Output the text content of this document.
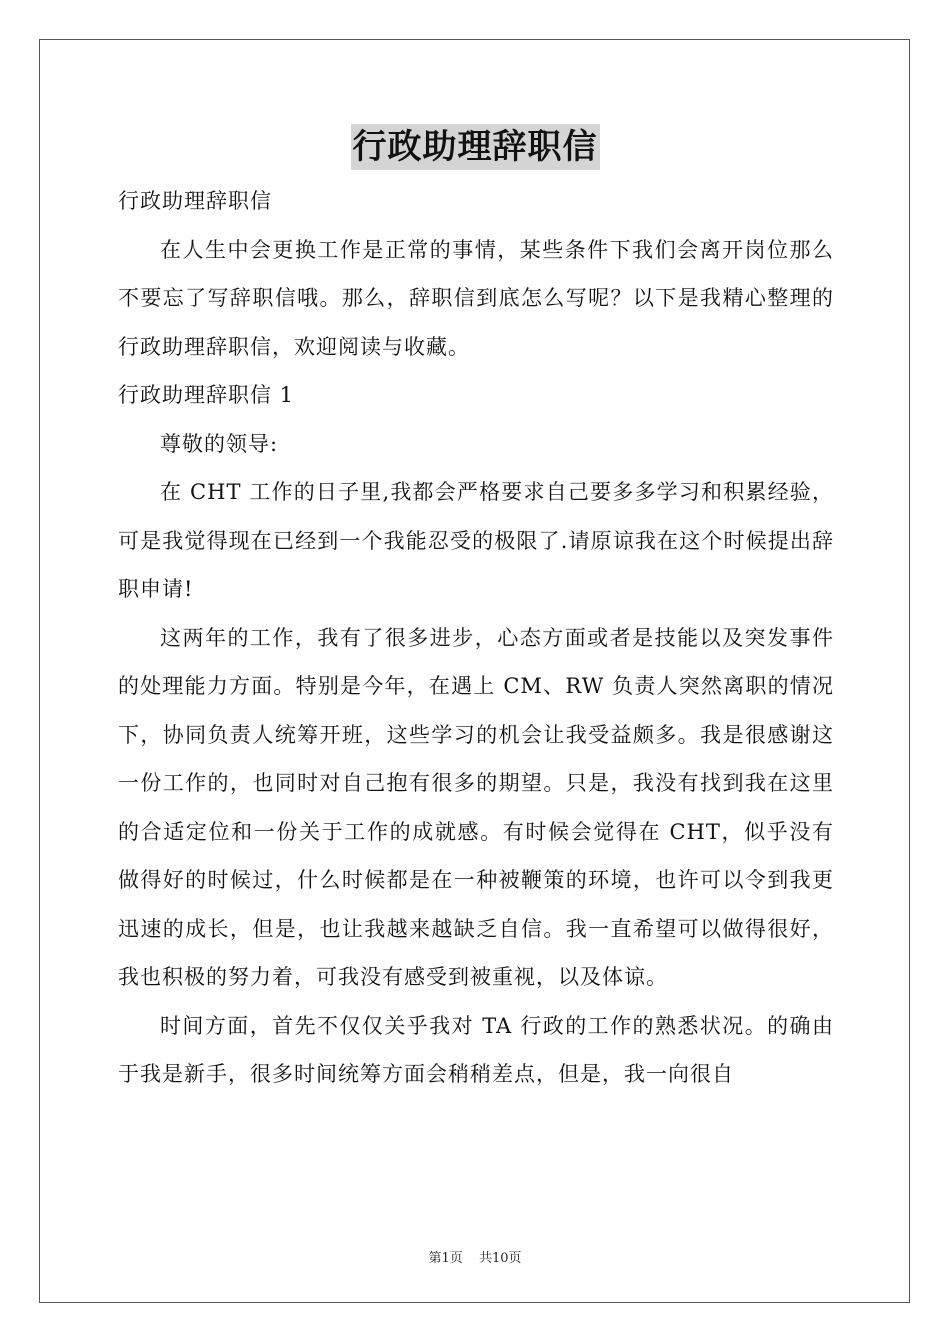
行政助理辞职信

行政助理辞职信

在人生中会更换工作是正常的事情，某些条件下我们会离开岗位那么不要忘了写辞职信哦。那么，辞职信到底怎么写呢？以下是我精心整理的行政助理辞职信，欢迎阅读与收藏。

行政助理辞职信 1

尊敬的领导:

在 CHT 工作的日子里,我都会严格要求自己要多多学习和积累经验，可是我觉得现在已经到一个我能忍受的极限了.请原谅我在这个时候提出辞职申请!

这两年的工作，我有了很多进步，心态方面或者是技能以及突发事件的处理能力方面。特别是今年，在遇上 CM、RW 负责人突然离职的情况下，协同负责人统筹开班，这些学习的机会让我受益颇多。我是很感谢这一份工作的，也同时对自己抱有很多的期望。只是，我没有找到我在这里的合适定位和一份关于工作的成就感。有时候会觉得在 CHT，似乎没有做得好的时候过，什么时候都是在一种被鞭策的环境，也许可以令到我更迅速的成长，但是，也让我越来越缺乏自信。我一直希望可以做得很好，我也积极的努力着，可我没有感受到被重视，以及体谅。

时间方面，首先不仅仅关乎我对 TA 行政的工作的熟悉状况。的确由于我是新手，很多时间统筹方面会稍稍差点，但是，我一向很自

第1页 共10页
